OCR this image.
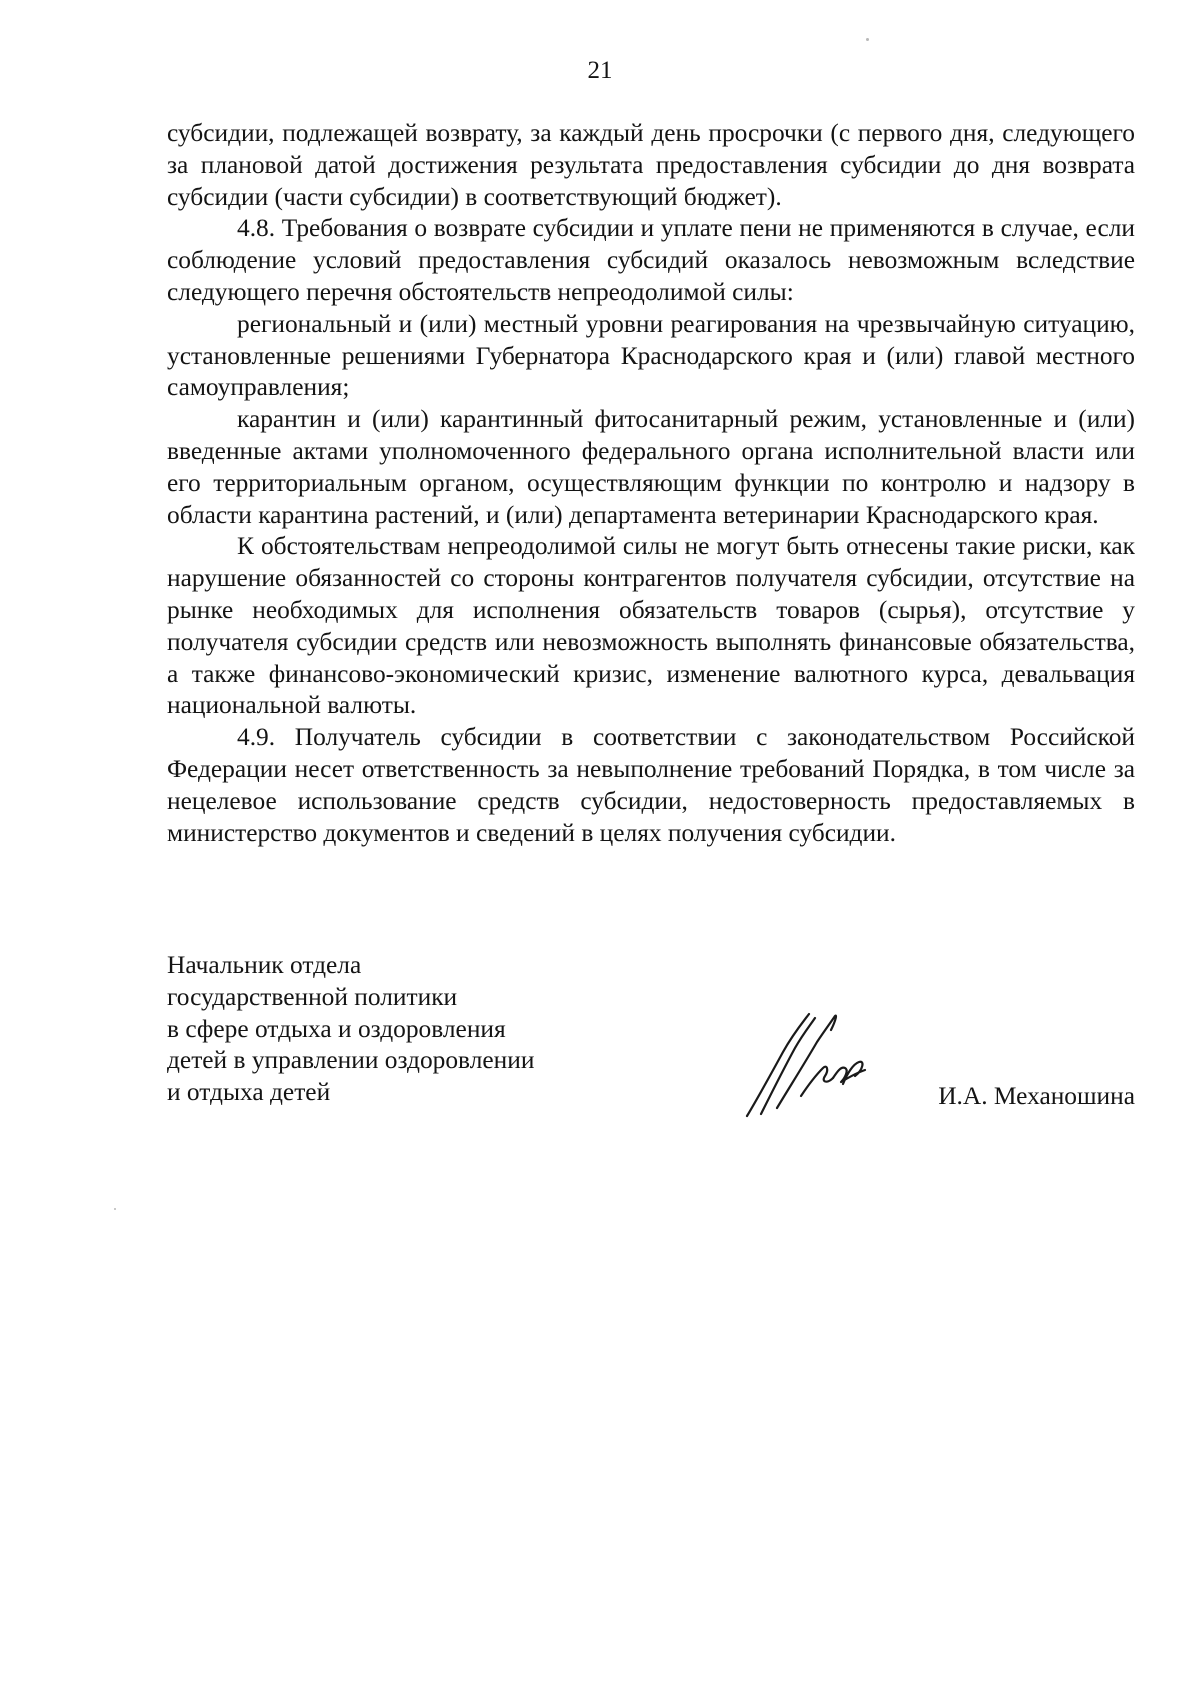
21

субсидии, подлежащей возврату, за каждый день просрочки (с первого дня, следующего за плановой датой достижения результата предоставления субсидии до дня возврата субсидии (части субсидии) в соответствующий бюджет).

4.8. Требования о возврате субсидии и уплате пени не применяются в случае, если соблюдение условий предоставления субсидий оказалось невозможным вследствие следующего перечня обстоятельств непреодолимой силы:

региональный и (или) местный уровни реагирования на чрезвычайную ситуацию, установленные решениями Губернатора Краснодарского края и (или) главой местного самоуправления;

карантин и (или) карантинный фитосанитарный режим, установленные и (или) введенные актами уполномоченного федерального органа исполнительной власти или его территориальным органом, осуществляющим функции по контролю и надзору в области карантина растений, и (или) департамента ветеринарии Краснодарского края.

К обстоятельствам непреодолимой силы не могут быть отнесены такие риски, как нарушение обязанностей со стороны контрагентов получателя субсидии, отсутствие на рынке необходимых для исполнения обязательств товаров (сырья), отсутствие у получателя субсидии средств или невозможность выполнять финансовые обязательства, а также финансово-экономический кризис, изменение валютного курса, девальвация национальной валюты.

4.9. Получатель субсидии в соответствии с законодательством Российской Федерации несет ответственность за невыполнение требований Порядка, в том числе за нецелевое использование средств субсидии, недостоверность предоставляемых в министерство документов и сведений в целях получения субсидии.

Начальник отдела
государственной политики
в сфере отдыха и оздоровления
детей в управлении оздоровлении
и отдыха детей	И.А. Механошина
